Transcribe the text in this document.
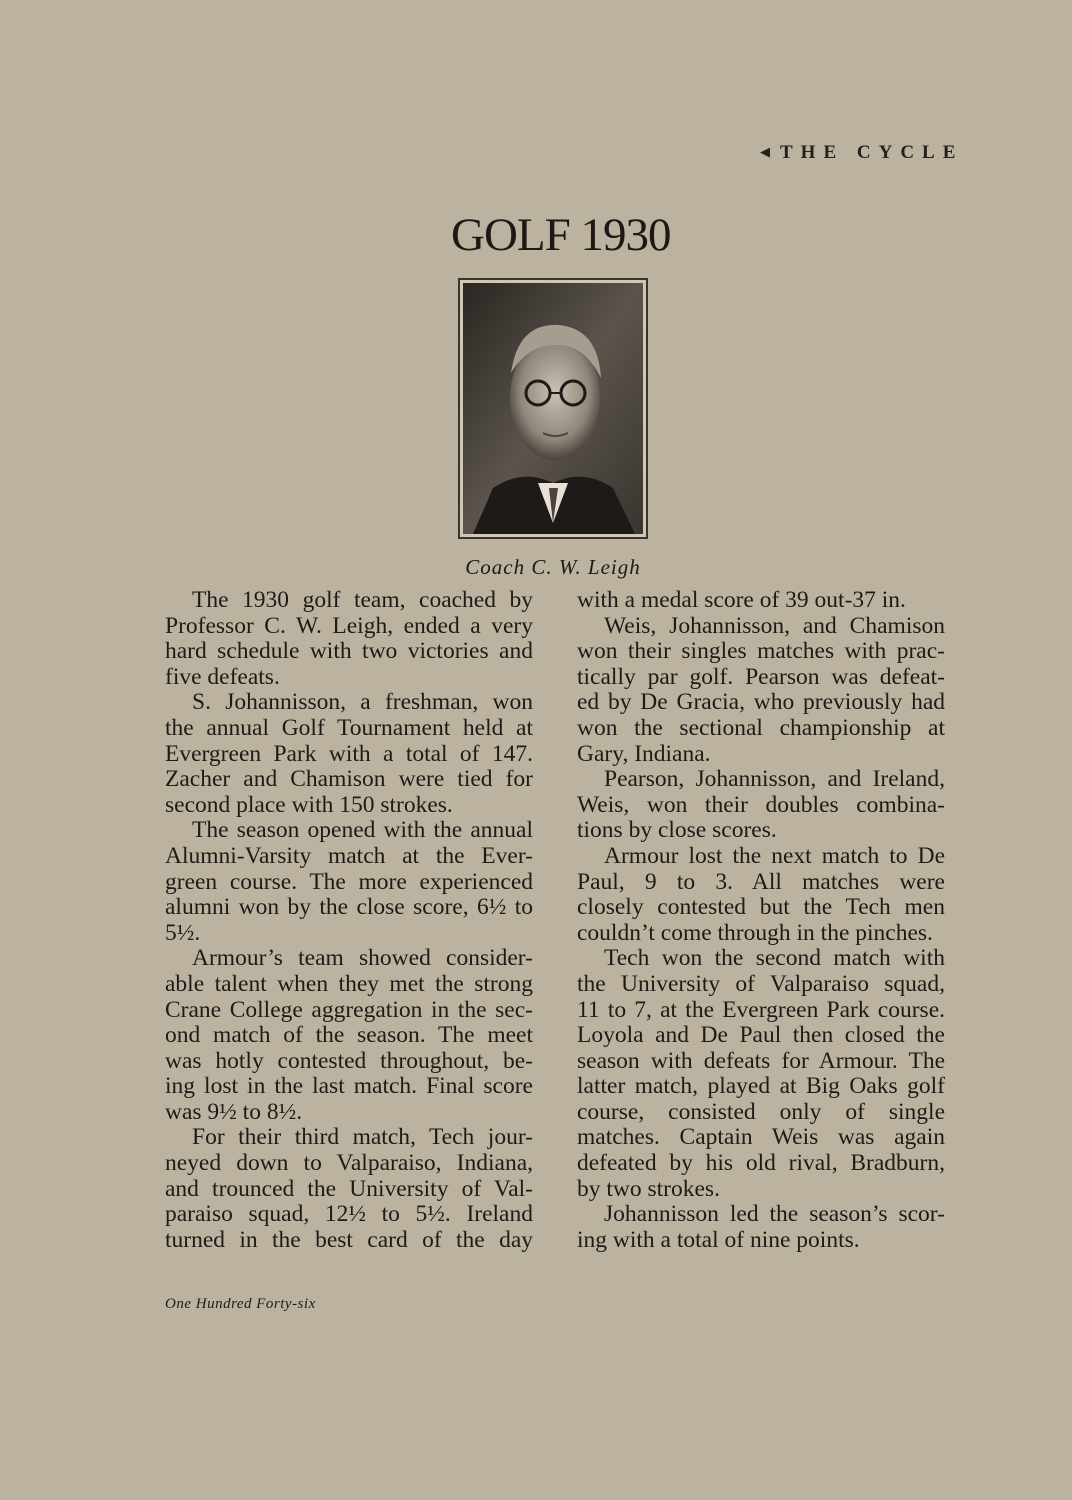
◀ THE CYCLE
GOLF 1930
Coach C. W. Leigh
The 1930 golf team, coached by
Professor C. W. Leigh, ended a very
hard schedule with two victories and
five defeats.
S. Johannisson, a freshman, won
the annual Golf Tournament held at
Evergreen Park with a total of 147.
Zacher and Chamison were tied for
second place with 150 strokes.
The season opened with the annual
Alumni-Varsity match at the Ever-
green course. The more experienced
alumni won by the close score, 6½ to
5½.
Armour’s team showed consider-
able talent when they met the strong
Crane College aggregation in the sec-
ond match of the season. The meet
was hotly contested throughout, be-
ing lost in the last match. Final score
was 9½ to 8½.
For their third match, Tech jour-
neyed down to Valparaiso, Indiana,
and trounced the University of Val-
paraiso squad, 12½ to 5½. Ireland
turned in the best card of the day
with a medal score of 39 out-37 in.
Weis, Johannisson, and Chamison
won their singles matches with prac-
tically par golf. Pearson was defeat-
ed by De Gracia, who previously had
won the sectional championship at
Gary, Indiana.
Pearson, Johannisson, and Ireland,
Weis, won their doubles combina-
tions by close scores.
Armour lost the next match to De
Paul, 9 to 3. All matches were
closely contested but the Tech men
couldn’t come through in the pinches.
Tech won the second match with
the University of Valparaiso squad,
11 to 7, at the Evergreen Park course.
Loyola and De Paul then closed the
season with defeats for Armour. The
latter match, played at Big Oaks golf
course, consisted only of single
matches. Captain Weis was again
defeated by his old rival, Bradburn,
by two strokes.
Johannisson led the season’s scor-
ing with a total of nine points.
One Hundred Forty-six
